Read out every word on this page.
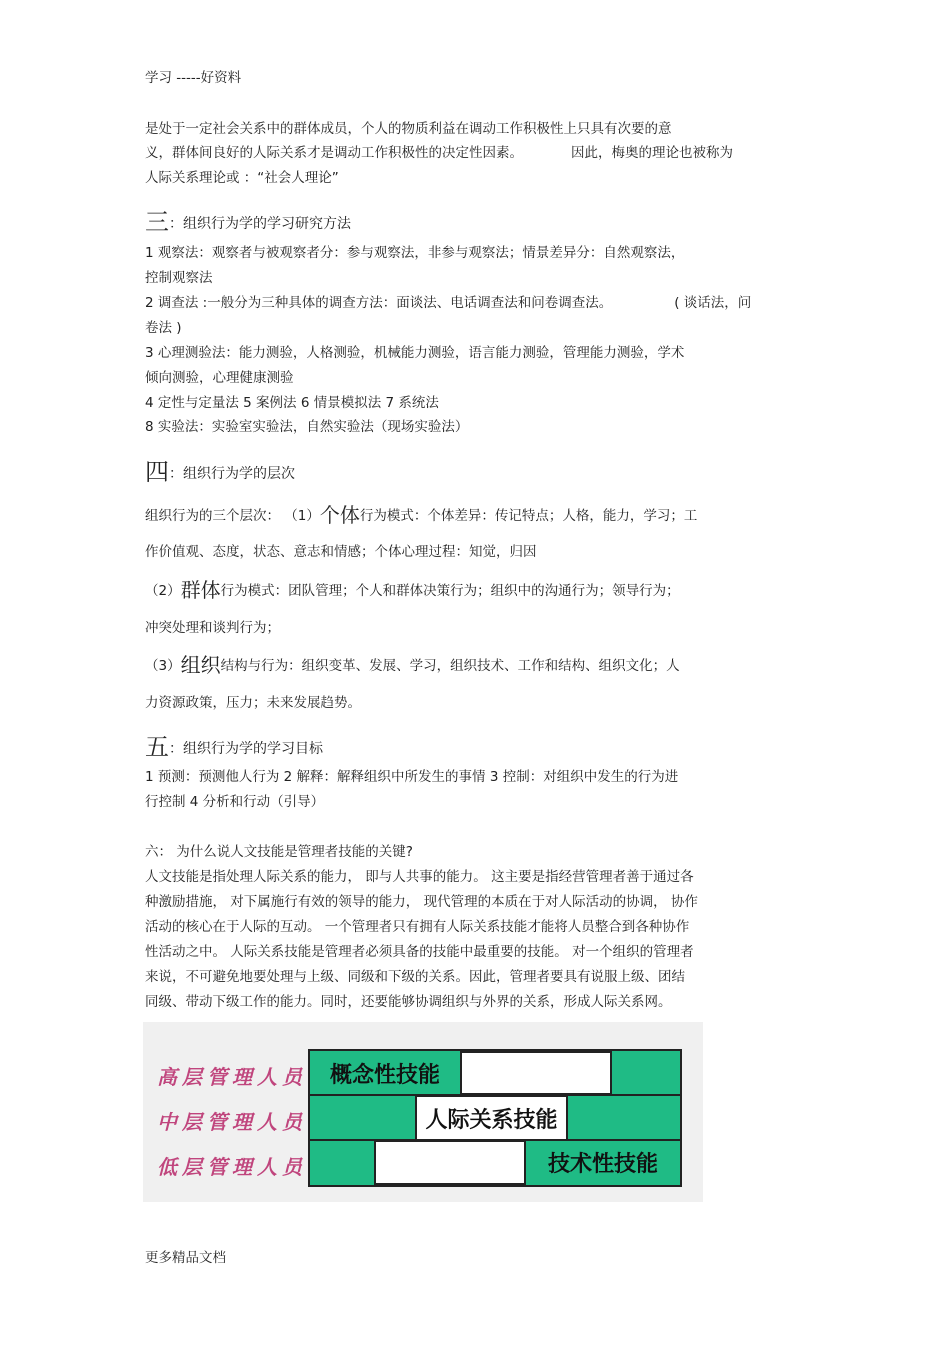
学习 -----好资料
是处于一定社会关系中的群体成员，个人的物质利益在调动工作积极性上只具有次要的意
义，群体间良好的人际关系才是调动工作积极性的决定性因素。	因此，梅奥的理论也被称为
人际关系理论或 ：“社会人理论”
三：组织行为学的学习研究方法
1 观察法：观察者与被观察者分：参与观察法，非参与观察法；情景差异分：自然观察法，
控制观察法
2 调查法 :一般分为三种具体的调查方法：面谈法、电话调查法和问卷调查法。	( 谈话法，问
卷法 )
3 心理测验法：能力测验，人格测验，机械能力测验，语言能力测验，管理能力测验，学术
倾向测验，心理健康测验
4 定性与定量法 5 案例法 6 情景模拟法 7 系统法
8 实验法：实验室实验法，自然实验法（现场实验法）
四：组织行为学的层次
组织行为的三个层次： （1）个体行为模式：个体差异：传记特点；人格，能力，学习；工
作价值观、态度，状态、意志和情感；个体心理过程：知觉，归因
（2）群体行为模式：团队管理；个人和群体决策行为；组织中的沟通行为；领导行为；
冲突处理和谈判行为；
（3）组织结构与行为：组织变革、发展、学习，组织技术、工作和结构、组织文化；人
力资源政策，压力；未来发展趋势。
五：组织行为学的学习目标
1 预测：预测他人行为 2 解释：解释组织中所发生的事情 3 控制：对组织中发生的行为进
行控制 4 分析和行动（引导）
六： 为什么说人文技能是管理者技能的关键?
人文技能是指处理人际关系的能力， 即与人共事的能力。 这主要是指经营管理者善于通过各
种激励措施， 对下属施行有效的领导的能力， 现代管理的本质在于对人际活动的协调， 协作
活动的核心在于人际的互动。 一个管理者只有拥有人际关系技能才能将人员整合到各种协作
性活动之中。 人际关系技能是管理者必须具备的技能中最重要的技能。 对一个组织的管理者
来说，不可避免地要处理与上级、同级和下级的关系。因此，管理者要具有说服上级、团结
同级、带动下级工作的能力。同时，还要能够协调组织与外界的关系，形成人际关系网。
高层管理人员
中层管理人员
低层管理人员
概念性技能
人际关系技能
技术性技能
更多精品文档
